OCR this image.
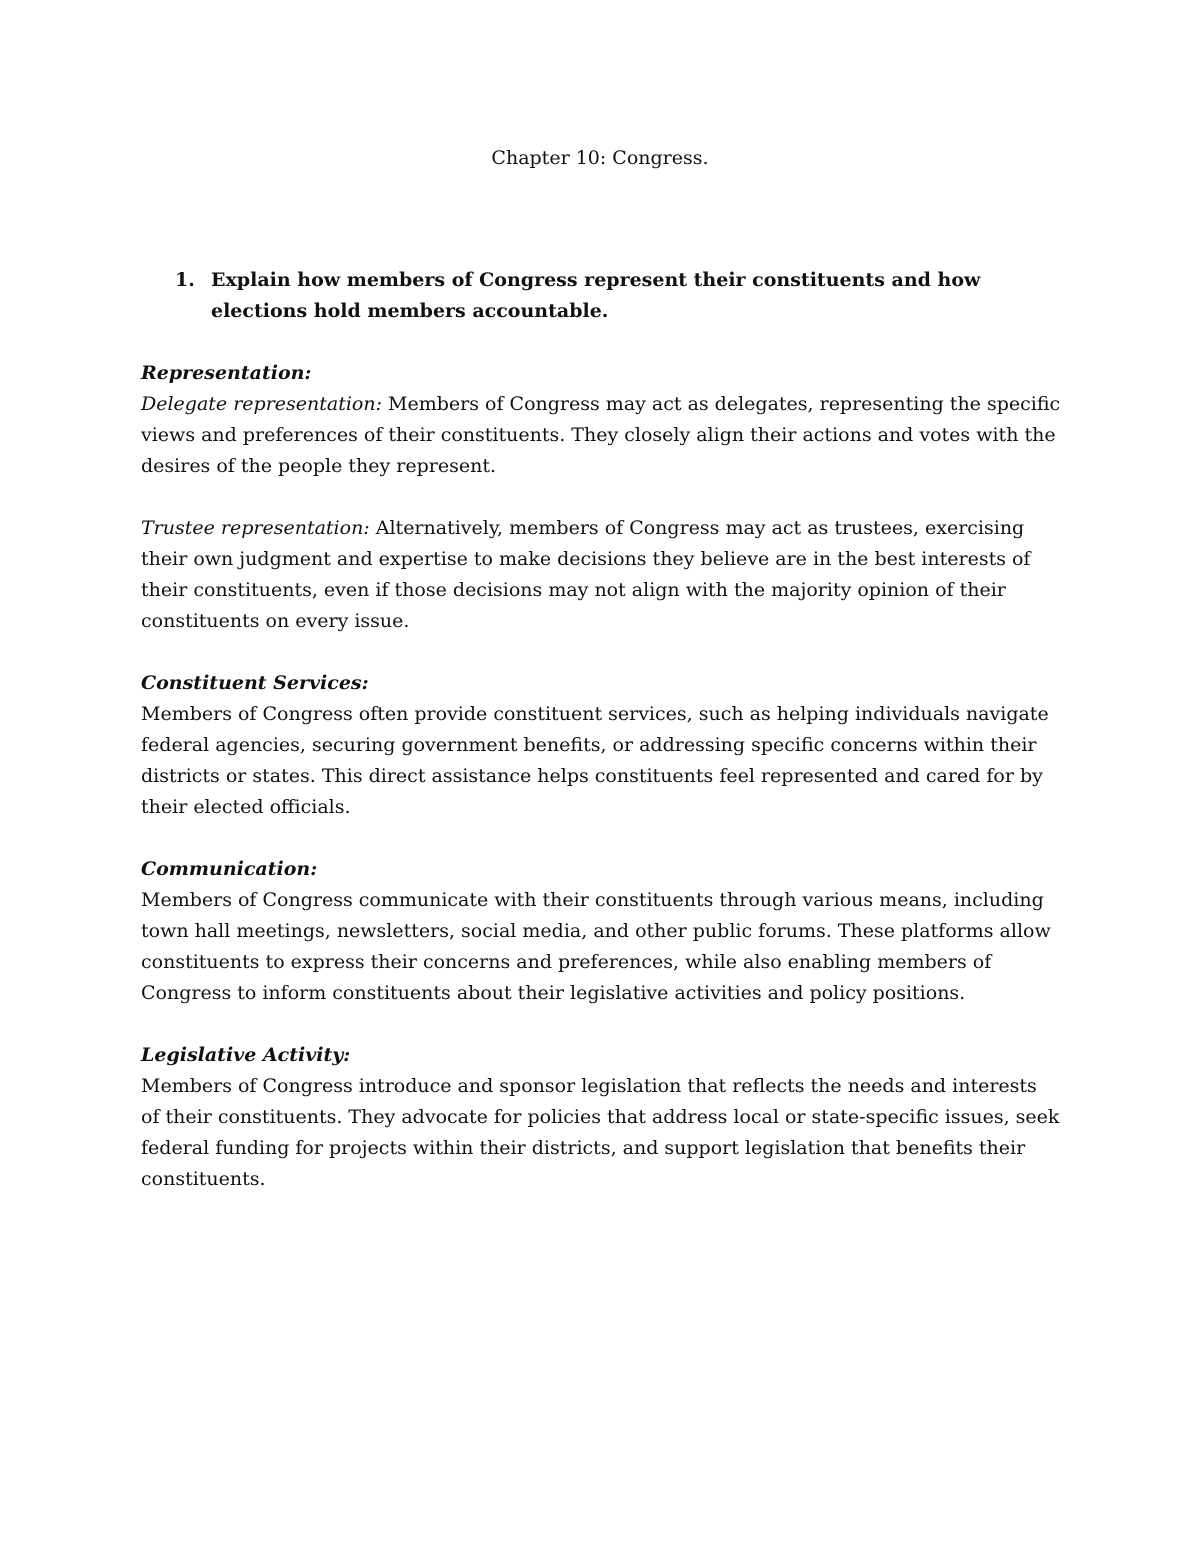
Chapter 10: Congress.
1. Explain how members of Congress represent their constituents and how elections hold members accountable.

Representation:
Delegate representation: Members of Congress may act as delegates, representing the specific views and preferences of their constituents. They closely align their actions and votes with the desires of the people they represent.

Trustee representation: Alternatively, members of Congress may act as trustees, exercising their own judgment and expertise to make decisions they believe are in the best interests of their constituents, even if those decisions may not align with the majority opinion of their constituents on every issue.

Constituent Services:
Members of Congress often provide constituent services, such as helping individuals navigate federal agencies, securing government benefits, or addressing specific concerns within their districts or states. This direct assistance helps constituents feel represented and cared for by their elected officials.

Communication:
Members of Congress communicate with their constituents through various means, including town hall meetings, newsletters, social media, and other public forums. These platforms allow constituents to express their concerns and preferences, while also enabling members of Congress to inform constituents about their legislative activities and policy positions.

Legislative Activity:
Members of Congress introduce and sponsor legislation that reflects the needs and interests of their constituents. They advocate for policies that address local or state-specific issues, seek federal funding for projects within their districts, and support legislation that benefits their constituents.
